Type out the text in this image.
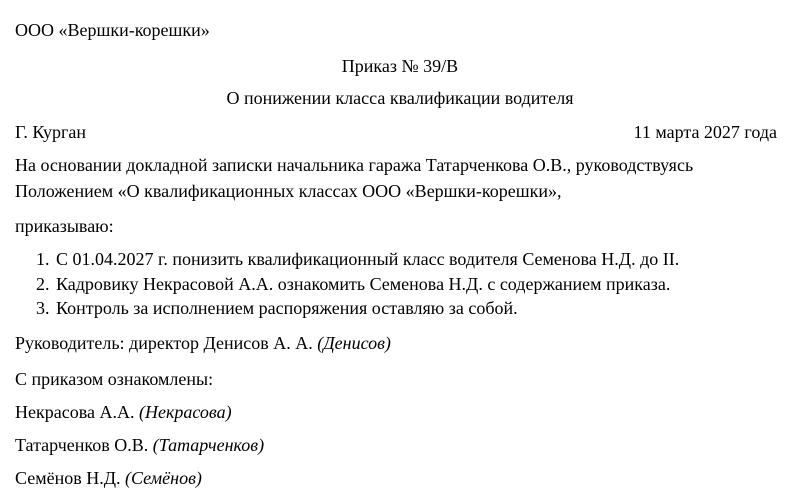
ООО «Вершки-корешки»
Приказ № 39/В
О понижении класса квалификации водителя
Г. Курган	11 марта 2027 года
На основании докладной записки начальника гаража Татарченкова О.В., руководствуясь
Положением «О квалификационных классах ООО «Вершки-корешки»,
приказываю:
1. С 01.04.2027 г. понизить квалификационный класс водителя Семенова Н.Д. до II.
2. Кадровику Некрасовой А.А. ознакомить Семенова Н.Д. с содержанием приказа.
3. Контроль за исполнением распоряжения оставляю за собой.
Руководитель: директор Денисов А. А. (Денисов)
С приказом ознакомлены:
Некрасова А.А. (Некрасова)
Татарченков О.В. (Татарченков)
Семёнов Н.Д. (Семёнов)
